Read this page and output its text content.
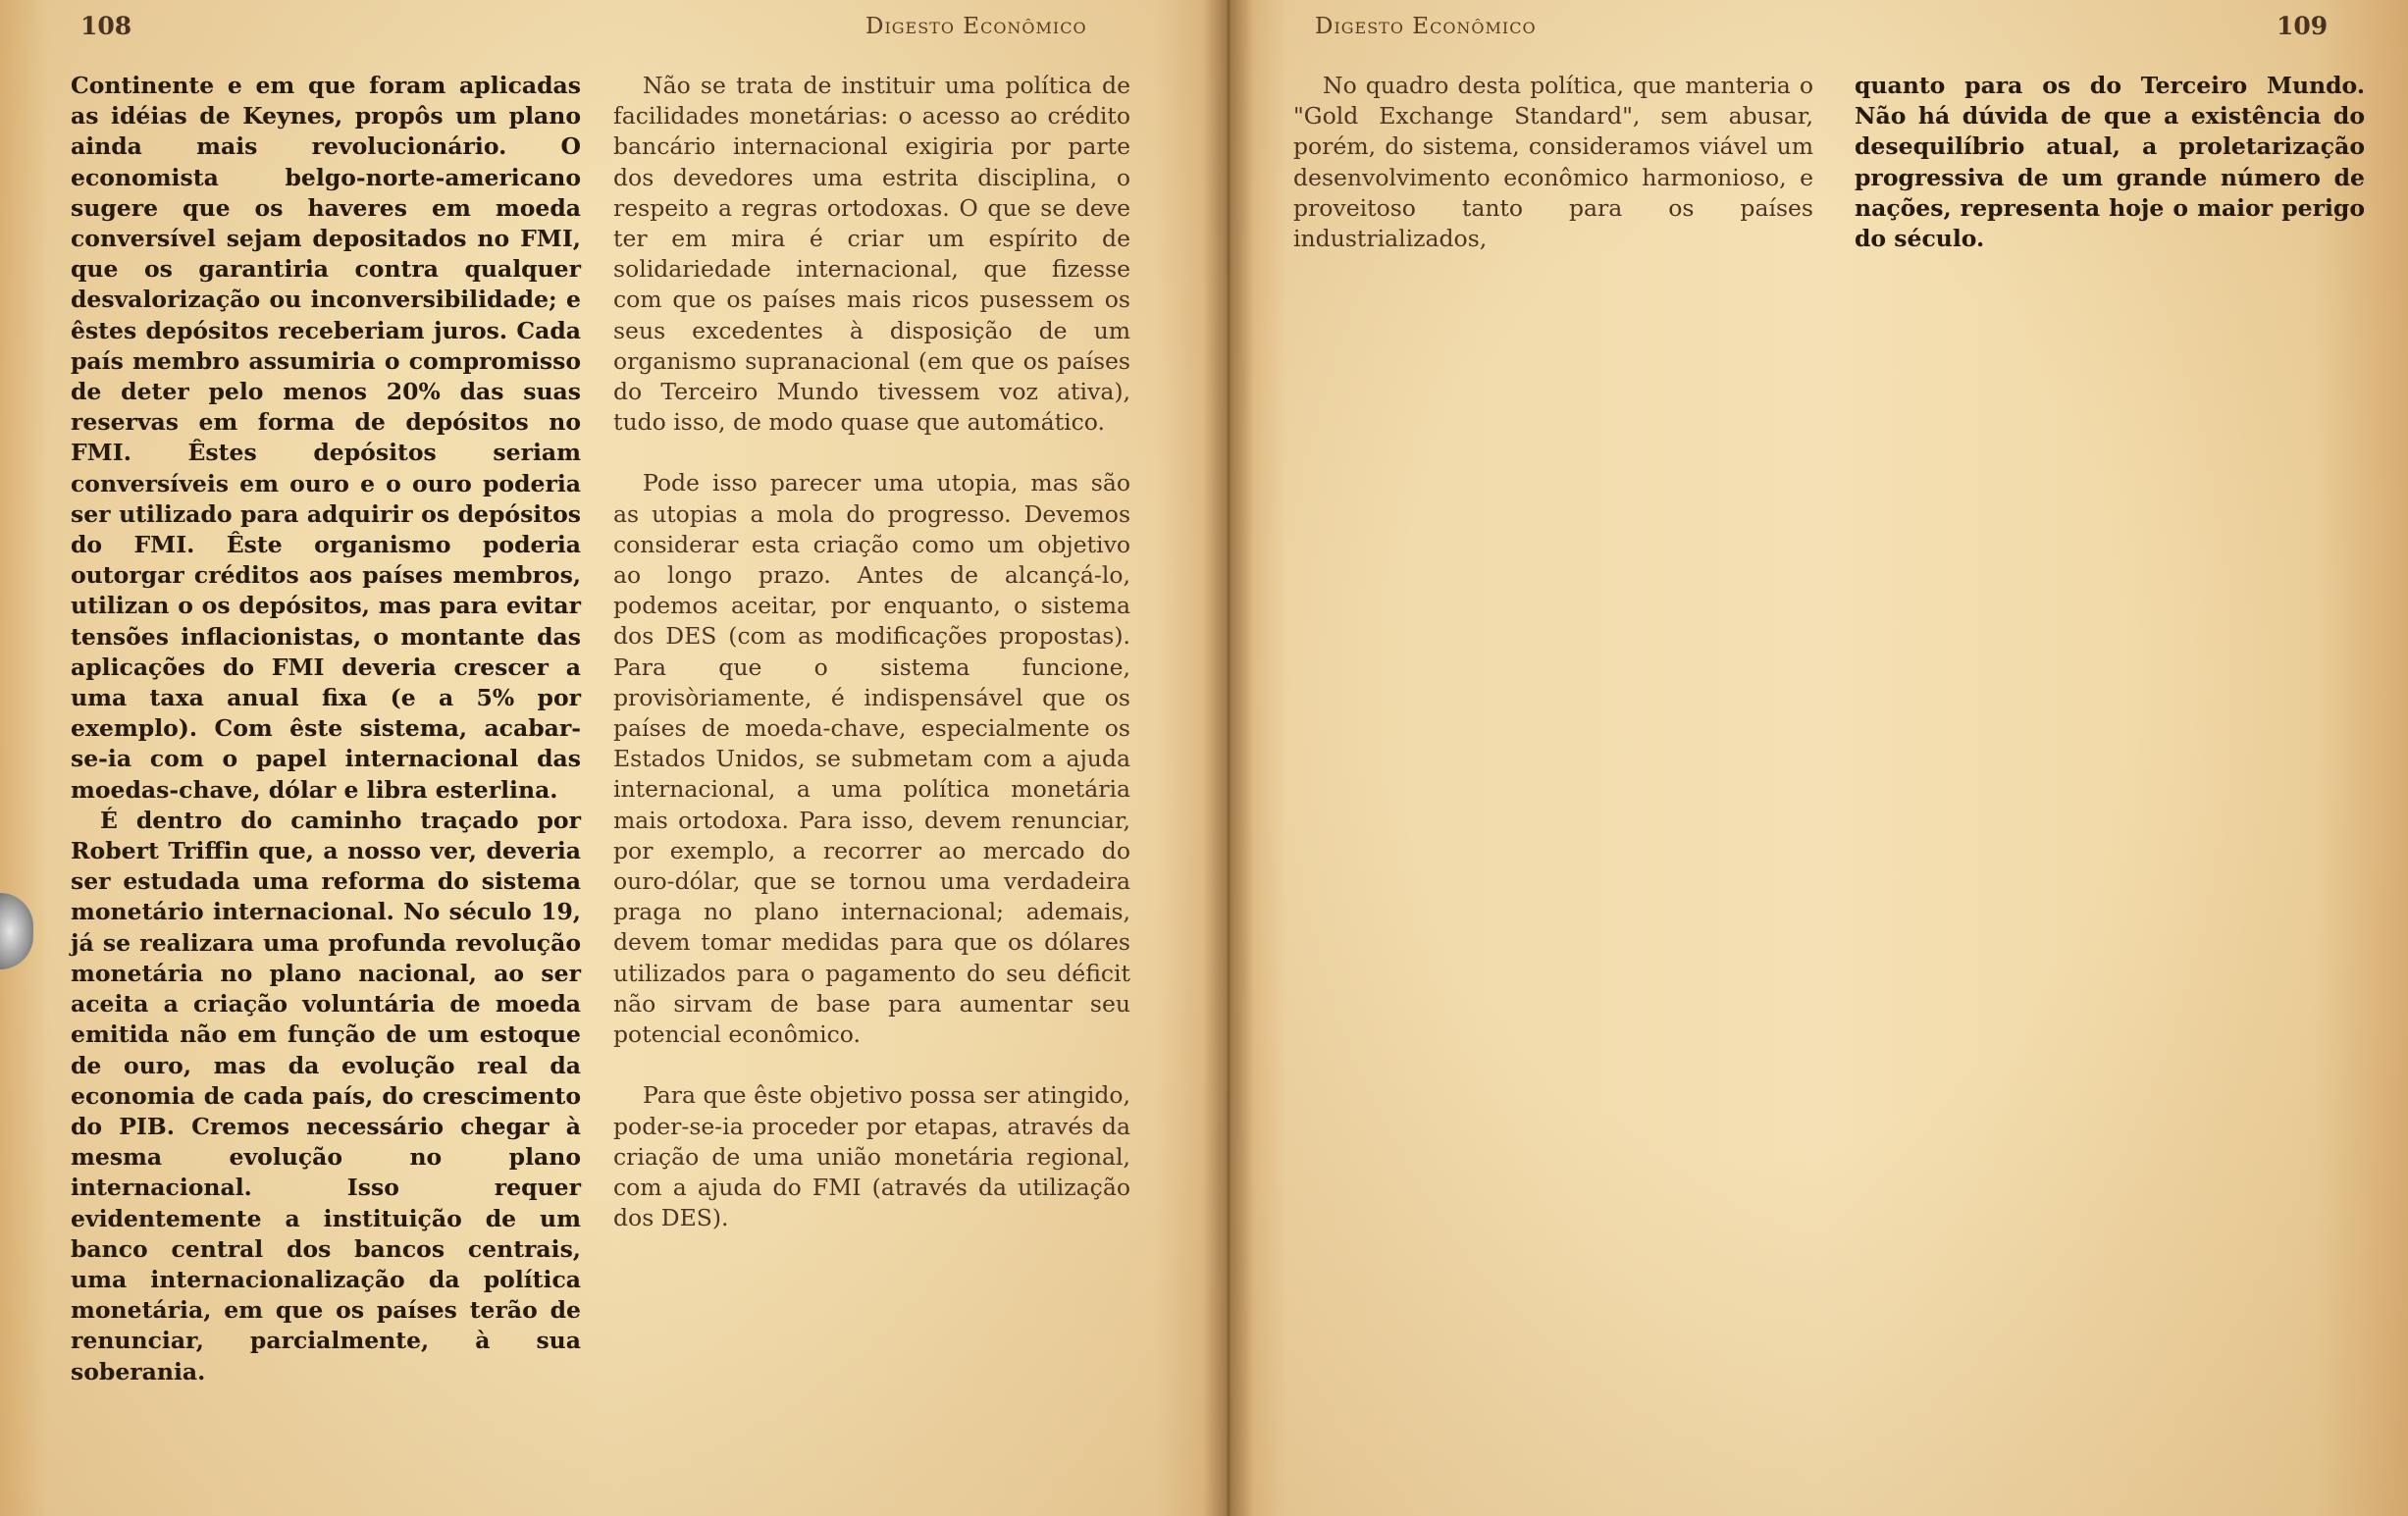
108	Digesto Econômico

Continente e em que foram aplicadas as idéias de Keynes, propôs um plano ainda mais revolucionário. O economista belgo-norte-americano sugere que os haveres em moeda conversível sejam depositados no FMI, que os garantiria contra qualquer desvalorização ou inconversibilidade; e êstes depósitos receberiam juros. Cada país membro assumiria o compromisso de deter pelo menos 20% das suas reservas em forma de depósitos no FMI. Êstes depósitos seriam conversíveis em ouro e o ouro poderia ser utilizado para adquirir os depósitos do FMI. Êste organismo poderia outorgar créditos aos países membros, utilizan o os depósitos, mas para evitar tensões inflacionistas, o montante das aplicações do FMI deveria crescer a uma taxa anual fixa (e a 5% por exemplo). Com êste sistema, acabar-se-ia com o papel internacional das moedas-chave, dólar e libra esterlina.

É dentro do caminho traçado por Robert Triffin que, a nosso ver, deveria ser estudada uma reforma do sistema monetário internacional. No século 19, já se realizara uma profunda revolução monetária no plano nacional, ao ser aceita a criação voluntária de moeda emitida não em função de um estoque de ouro, mas da evolução real da economia de cada país, do crescimento do PIB. Cremos necessário chegar à mesma evolução no plano internacional. Isso requer evidentemente a instituição de um banco central dos bancos centrais, uma internacionalização da política monetária, em que os países terão de renunciar, parcialmente, à sua soberania.

Não se trata de instituir uma política de facilidades monetárias: o acesso ao crédito bancário internacional exigiria por parte dos devedores uma estrita disciplina, o respeito a regras ortodoxas. O que se deve ter em mira é criar um espírito de solidariedade internacional, que fizesse com que os países mais ricos pusessem os seus excedentes à disposição de um organismo supranacional (em que os países do Terceiro Mundo tivessem voz ativa), tudo isso, de modo quase que automático.

Pode isso parecer uma utopia, mas são as utopias a mola do progresso. Devemos considerar esta criação como um objetivo ao longo prazo. Antes de alcançá-lo, podemos aceitar, por enquanto, o sistema dos DES (com as modificações propostas). Para que o sistema funcione, provisòriamente, é indispensável que os países de moeda-chave, especialmente os Estados Unidos, se submetam com a ajuda internacional, a uma política monetária mais ortodoxa. Para isso, devem renunciar, por exemplo, a recorrer ao mercado do ouro-dólar, que se tornou uma verdadeira praga no plano internacional; ademais, devem tomar medidas para que os dólares utilizados para o pagamento do seu déficit não sirvam de base para aumentar seu potencial econômico.

Para que êste objetivo possa ser atingido, poder-se-ia proceder por etapas, através da criação de uma união monetária regional, com a ajuda do FMI (através da utilização dos DES).

Digesto Econômico	109

No quadro desta política, que manteria o "Gold Exchange Standard", sem abusar, porém, do sistema, consideramos viável um desenvolvimento econômico harmonioso, e proveitoso tanto para os países industrializados,

quanto para os do Terceiro Mundo. Não há dúvida de que a existência do desequilíbrio atual, a proletarização progressiva de um grande número de nações, representa hoje o maior perigo do século.
